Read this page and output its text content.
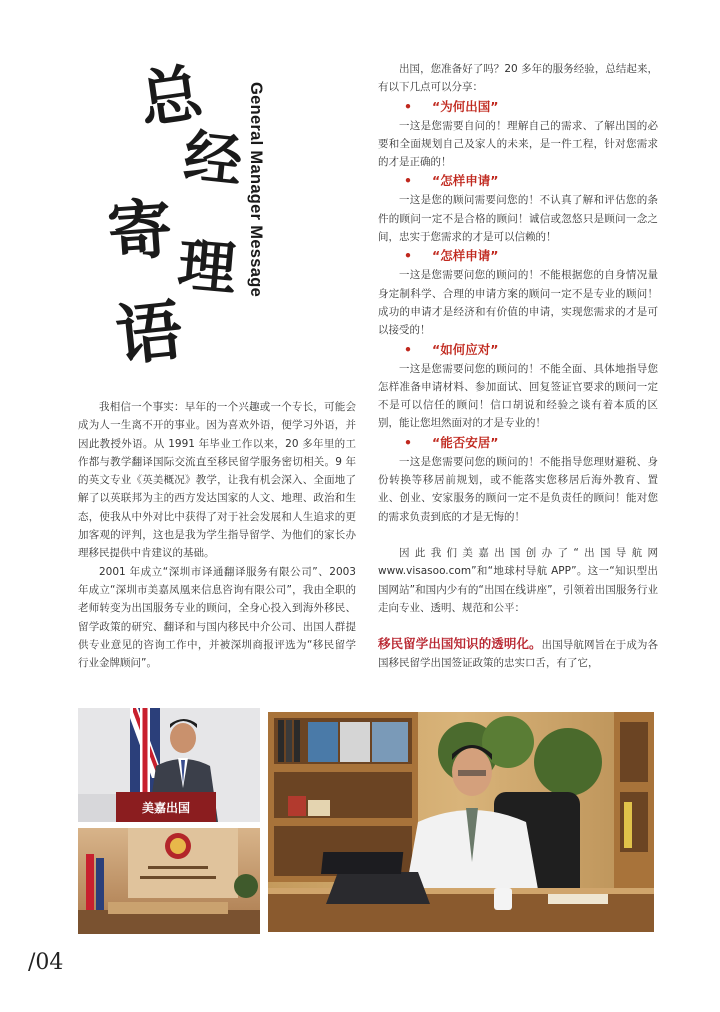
总
经
寄 理
语
General Manager Message

我相信一个事实：早年的一个兴趣或一个专长，可能会成为人一生离不开的事业。因为喜欢外语，便学习外语，并因此教授外语。从 1991 年毕业工作以来，20 多年里的工作都与教学翻译国际交流直至移民留学服务密切相关。9 年的英文专业《英美概况》教学，让我有机会深入、全面地了解了以英联邦为主的西方发达国家的人文、地理、政治和生态，使我从中外对比中获得了对于社会发展和人生追求的更加客观的评判，这也是我为学生指导留学、为他们的家长办理移民提供中肯建议的基础。

2001 年成立“深圳市译通翻译服务有限公司”、2003 年成立“深圳市美嘉凤凰来信息咨询有限公司”，我由全职的老师转变为出国服务专业的顾问，全身心投入到海外移民、留学政策的研究、翻译和与国内移民中介公司、出国人群提供专业意见的咨询工作中，并被深圳商报评选为“移民留学行业金牌顾问”。

出国，您准备好了吗？20 多年的服务经验，总结起来，有以下几点可以分享：

• “为何出国”

一这是您需要自问的！理解自己的需求、了解出国的必要和全面规划自己及家人的未来，是一件工程，针对您需求的才是正确的！

• “怎样申请”

一这是您的顾问需要问您的！不认真了解和评估您的条件的顾问一定不是合格的顾问！诚信或忽悠只是顾问一念之间，忠实于您需求的才是可以信赖的！

• “怎样申请”

一这是您需要问您的顾问的！不能根据您的自身情况量身定制科学、合理的申请方案的顾问一定不是专业的顾问！成功的申请才是经济和有价值的申请，实现您需求的才是可以接受的！

• “如何应对”

一这是您需要问您的顾问的！不能全面、具体地指导您怎样准备申请材料、参加面试、回复签证官要求的顾问一定不是可以信任的顾问！信口胡说和经验之谈有着本质的区别，能让您坦然面对的才是专业的！

• “能否安居”

一这是您需要问您的顾问的！不能指导您理财避税、身份转换等移居前规划，或不能落实您移居后海外教育、置业、创业、安家服务的顾问一定不是负责任的顾问！能对您的需求负责到底的才是无悔的！

因此我们美嘉出国创办了“出国导航网 www.visasoo.com”和“地球村导航 APP”。这一“知识型出国网站”和国内少有的“出国在线讲座”，引领着出国服务行业走向专业、透明、规范和公平：

移民留学出国知识的透明化。出国导航网旨在于成为各国移民留学出国签证政策的忠实口舌，有了它，

美嘉出国
/04
